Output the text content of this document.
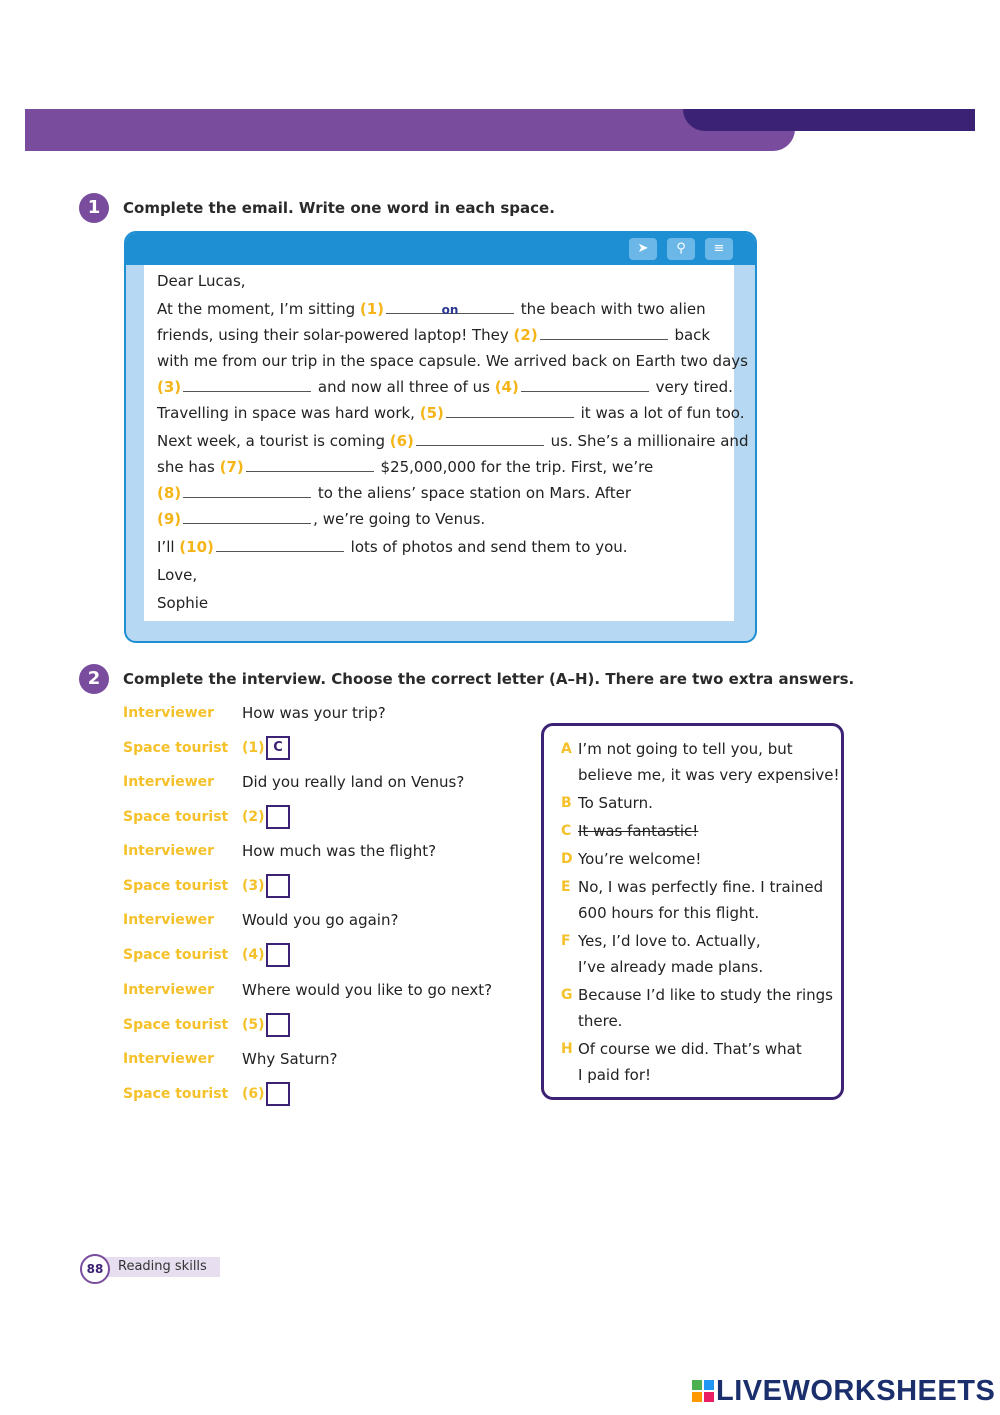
1	Complete the email. Write one word in each space.
➤	⚲	≡
Dear Lucas,
At the moment, I’m sitting (1)	on	the beach with two alien
friends, using their solar-powered laptop! They (2)	back
with me from our trip in the space capsule. We arrived back on Earth two days
(3)	and now all three of us (4)	very tired.
Travelling in space was hard work, (5)	it was a lot of fun too.
Next week, a tourist is coming (6)	us. She’s a millionaire and
she has (7)	$25,000,000 for the trip. First, we’re
(8)	to the aliens’ space station on Mars. After
(9)	, we’re going to Venus.
I’ll (10)	lots of photos and send them to you.
Love,
Sophie
2	Complete the interview. Choose the correct letter (A–H). There are two extra answers.
Interviewer How was your trip?
Space tourist (1) C
Interviewer Did you really land on Venus?
Space tourist (2)
Interviewer How much was the flight?
Space tourist (3)
Interviewer Would you go again?
Space tourist (4)
Interviewer Where would you like to go next?
Space tourist (5)
Interviewer Why Saturn?
Space tourist (6)
A I’m not going to tell you, but
believe me, it was very expensive!
B To Saturn.
C It was fantastic!
D You’re welcome!
E No, I was perfectly fine. I trained
600 hours for this flight.
F Yes, I’d love to. Actually,
I’ve already made plans.
G Because I’d like to study the rings
there.
H Of course we did. That’s what
I paid for!
Reading skills
88
LIVEWORKSHEETS
